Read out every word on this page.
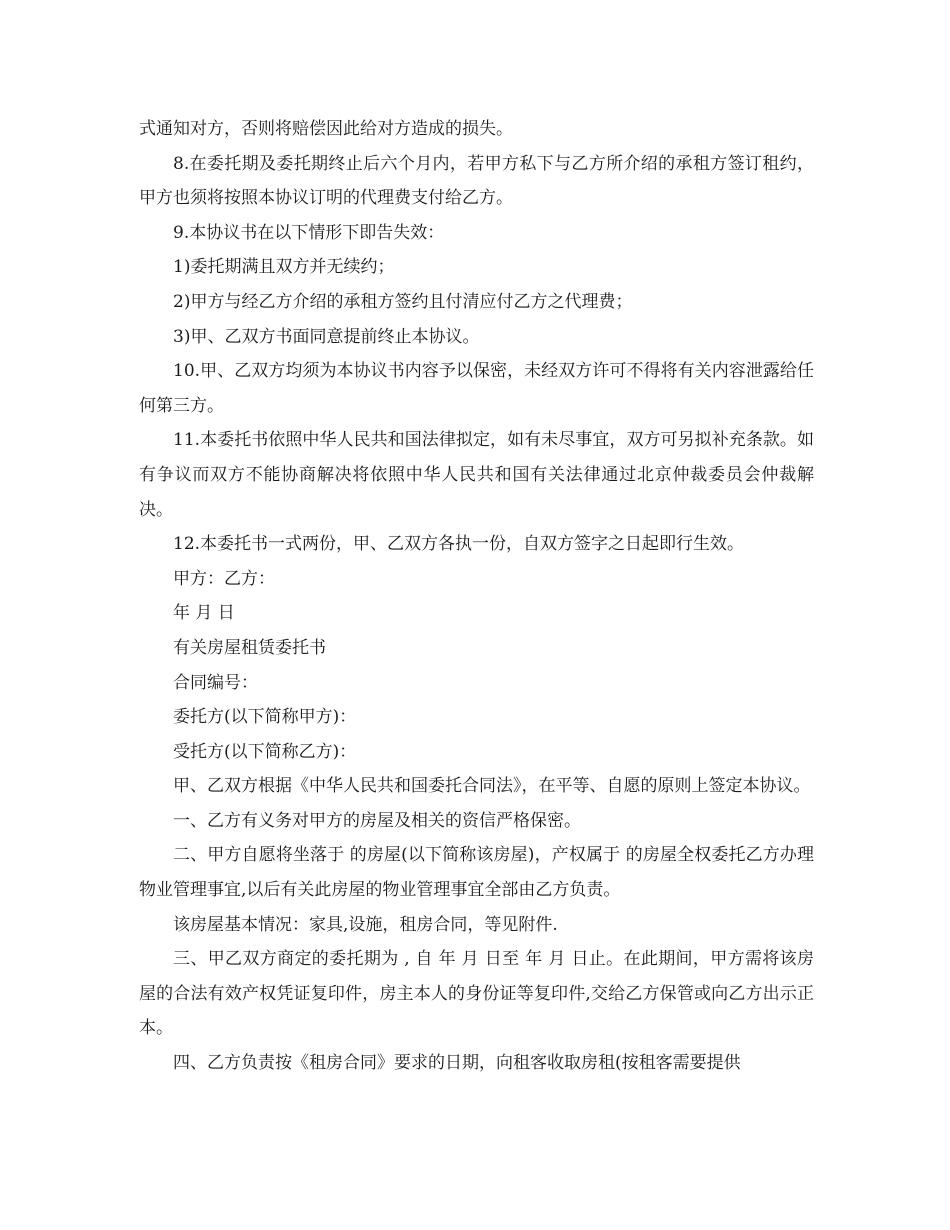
式通知对方，否则将赔偿因此给对方造成的损失。

8.在委托期及委托期终止后六个月内，若甲方私下与乙方所介绍的承租方签订租约，甲方也须将按照本协议订明的代理费支付给乙方。

9.本协议书在以下情形下即告失效：

1)委托期满且双方并无续约；

2)甲方与经乙方介绍的承租方签约且付清应付乙方之代理费；

3)甲、乙双方书面同意提前终止本协议。

10.甲、乙双方均须为本协议书内容予以保密，未经双方许可不得将有关内容泄露给任何第三方。

11.本委托书依照中华人民共和国法律拟定，如有未尽事宜，双方可另拟补充条款。如有争议而双方不能协商解决将依照中华人民共和国有关法律通过北京仲裁委员会仲裁解决。

12.本委托书一式两份，甲、乙双方各执一份，自双方签字之日起即行生效。

甲方：乙方：

年 月 日

有关房屋租赁委托书

合同编号：

委托方(以下简称甲方)：

受托方(以下简称乙方)：

甲、乙双方根据《中华人民共和国委托合同法》，在平等、自愿的原则上签定本协议。

一、乙方有义务对甲方的房屋及相关的资信严格保密。

二、甲方自愿将坐落于 的房屋(以下简称该房屋)，产权属于 的房屋全权委托乙方办理物业管理事宜,以后有关此房屋的物业管理事宜全部由乙方负责。

该房屋基本情况：家具,设施，租房合同，等见附件.

三、甲乙双方商定的委托期为 , 自 年 月 日至 年 月 日止。在此期间，甲方需将该房屋的合法有效产权凭证复印件，房主本人的身份证等复印件,交给乙方保管或向乙方出示正本。

四、乙方负责按《租房合同》要求的日期，向租客收取房租(按租客需要提供
